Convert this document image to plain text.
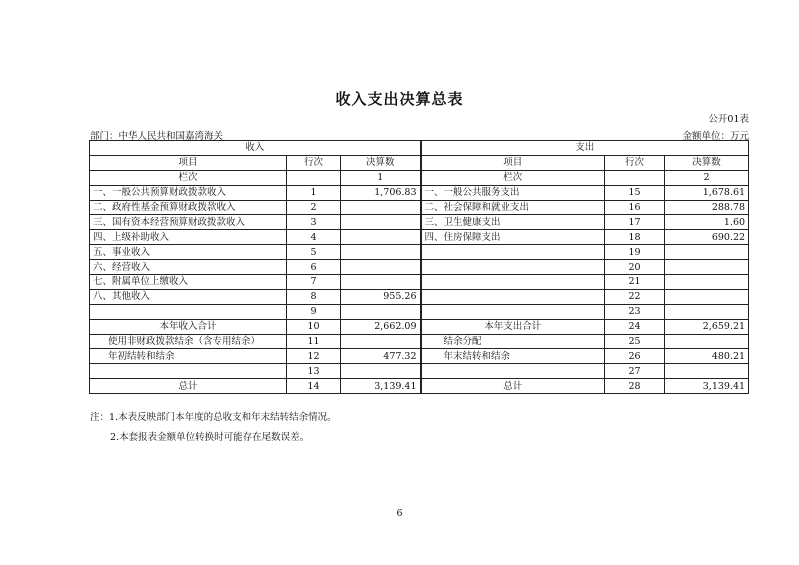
收入支出决算总表
公开01表
部门：中华人民共和国嘉湾海关	金额单位：万元
收入			支出		
项目	行次	决算数	项目	行次	决算数
栏次		1	栏次		2
一、一般公共预算财政拨款收入	1	1,706.83	一、一般公共服务支出	15	1,678.61
二、政府性基金预算财政拨款收入	2		二、社会保障和就业支出	16	288.78
三、国有资本经营预算财政拨款收入	3		三、卫生健康支出	17	1.60
四、上级补助收入	4		四、住房保障支出	18	690.22
五、事业收入	5			19	
六、经营收入	6			20	
七、附属单位上缴收入	7			21	
八、其他收入	8	955.26		22	
	9			23	
本年收入合计	10	2,662.09	本年支出合计	24	2,659.21
使用非财政拨款结余（含专用结余）	11		结余分配	25	
年初结转和结余	12	477.32	年末结转和结余	26	480.21
	13			27	
总计	14	3,139.41	总计	28	3,139.41
注：1.本表反映部门本年度的总收支和年末结转结余情况。
2.本套报表金额单位转换时可能存在尾数误差。
6
